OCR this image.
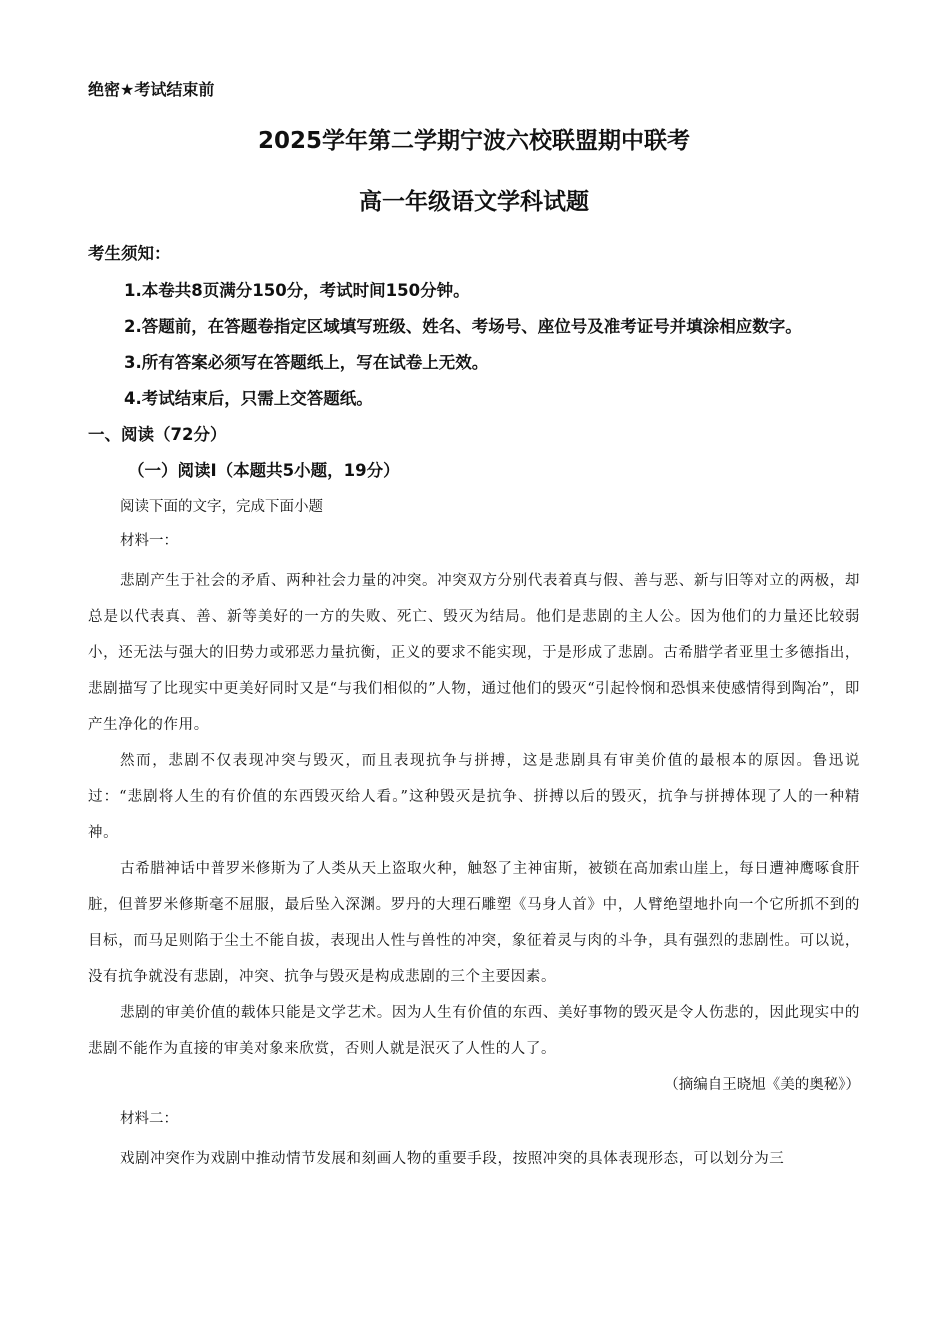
绝密★考试结束前

2025学年第二学期宁波六校联盟期中联考

高一年级语文学科试题

考生须知：

1.本卷共8页满分150分，考试时间150分钟。

2.答题前，在答题卷指定区域填写班级、姓名、考场号、座位号及准考证号并填涂相应数字。

3.所有答案必须写在答题纸上，写在试卷上无效。

4.考试结束后，只需上交答题纸。

一、阅读（72分）

（一）阅读I（本题共5小题，19分）

阅读下面的文字，完成下面小题

材料一：

悲剧产生于社会的矛盾、两种社会力量的冲突。冲突双方分别代表着真与假、善与恶、新与旧等对立的两极，却总是以代表真、善、新等美好的一方的失败、死亡、毁灭为结局。他们是悲剧的主人公。因为他们的力量还比较弱小，还无法与强大的旧势力或邪恶力量抗衡，正义的要求不能实现，于是形成了悲剧。古希腊学者亚里士多德指出，悲剧描写了比现实中更美好同时又是“与我们相似的”人物，通过他们的毁灭“引起怜悯和恐惧来使感情得到陶冶”，即产生净化的作用。

然而，悲剧不仅表现冲突与毁灭，而且表现抗争与拼搏，这是悲剧具有审美价值的最根本的原因。鲁迅说过：“悲剧将人生的有价值的东西毁灭给人看。”这种毁灭是抗争、拼搏以后的毁灭，抗争与拼搏体现了人的一种精神。

古希腊神话中普罗米修斯为了人类从天上盗取火种，触怒了主神宙斯，被锁在高加索山崖上，每日遭神鹰啄食肝脏，但普罗米修斯毫不屈服，最后坠入深渊。罗丹的大理石雕塑《马身人首》中，人臂绝望地扑向一个它所抓不到的目标，而马足则陷于尘土不能自拔，表现出人性与兽性的冲突，象征着灵与肉的斗争，具有强烈的悲剧性。可以说，没有抗争就没有悲剧，冲突、抗争与毁灭是构成悲剧的三个主要因素。

悲剧的审美价值的载体只能是文学艺术。因为人生有价值的东西、美好事物的毁灭是令人伤悲的，因此现实中的悲剧不能作为直接的审美对象来欣赏，否则人就是泯灭了人性的人了。

（摘编自王晓旭《美的奥秘》）

材料二：

戏剧冲突作为戏剧中推动情节发展和刻画人物的重要手段，按照冲突的具体表现形态，可以划分为三
